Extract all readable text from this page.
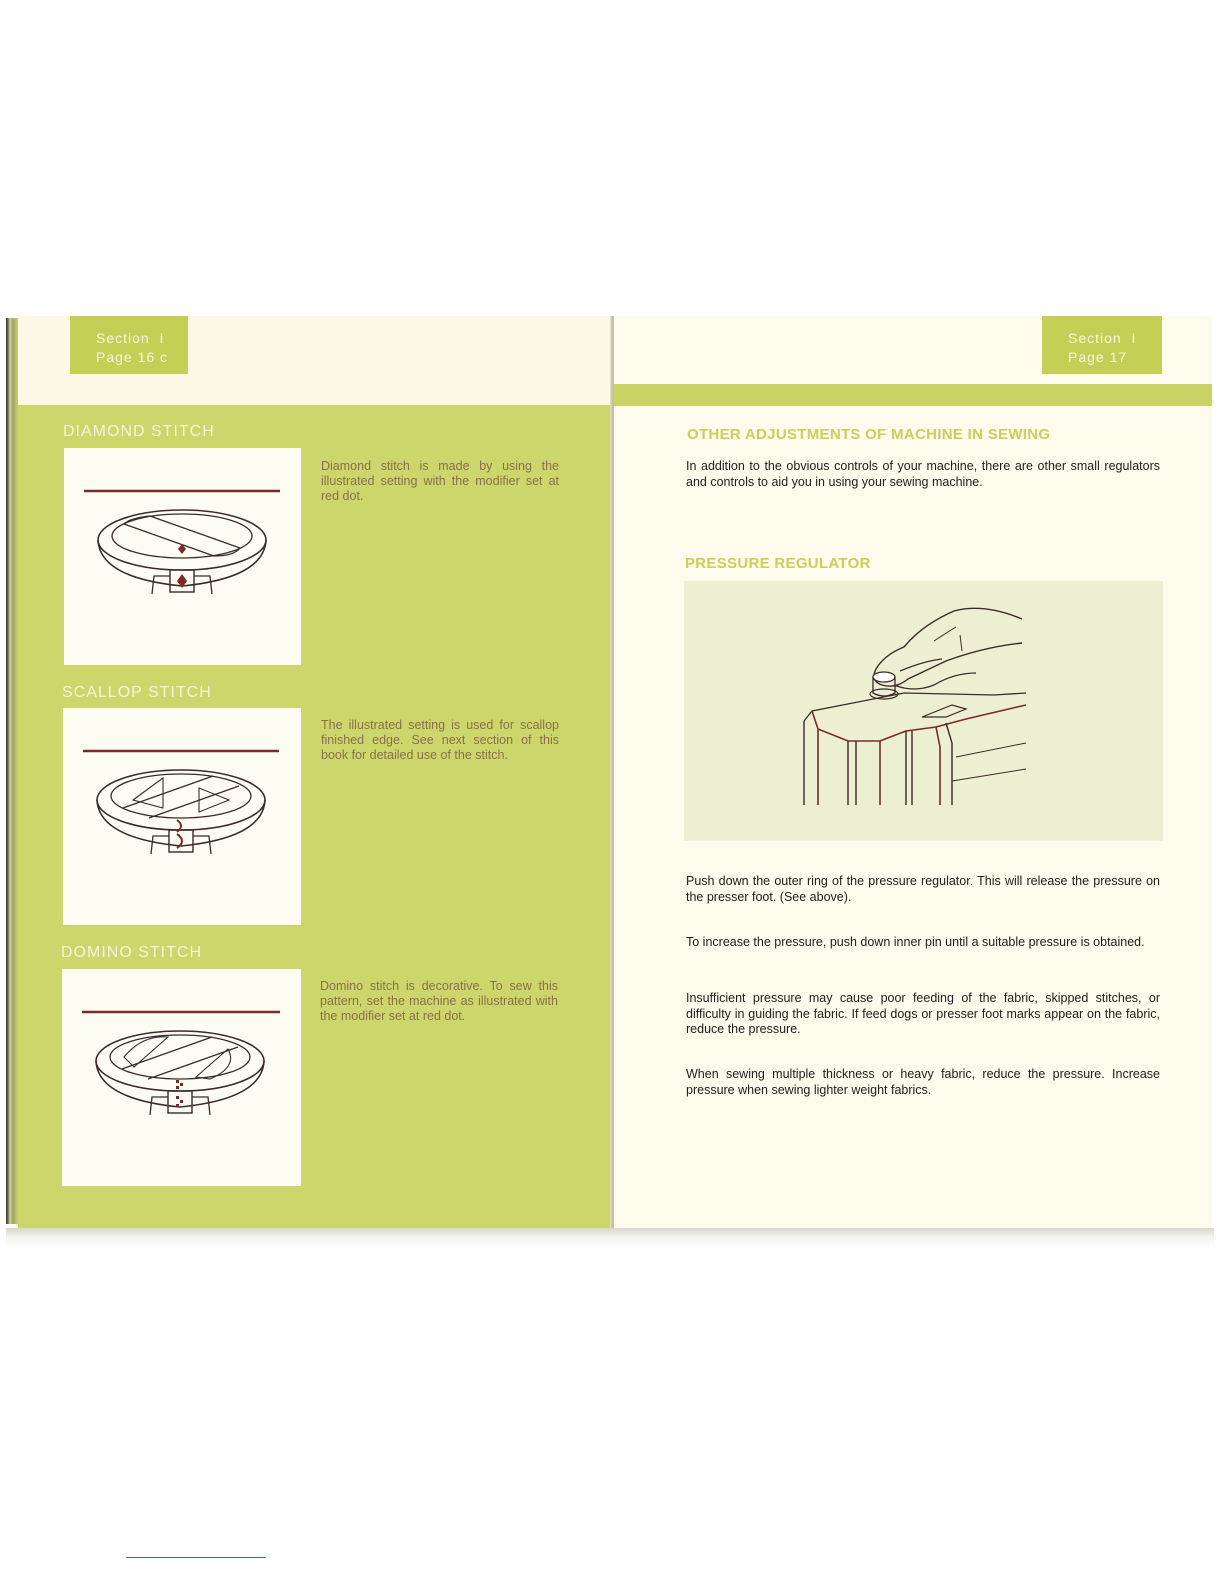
Section I
Page 16 c
DIAMOND STITCH
Diamond stitch is made by using the illustrated setting with the modifier set at red dot.
SCALLOP STITCH
The illustrated setting is used for scallop finished edge. See next section of this book for detailed use of the stitch.
DOMINO STITCH
Domino stitch is decorative. To sew this pattern, set the machine as illustrated with the modifier set at red dot.
Section I
Page 17
OTHER ADJUSTMENTS OF MACHINE IN SEWING
In addition to the obvious controls of your machine, there are other small regulators and controls to aid you in using your sewing machine.
PRESSURE REGULATOR
Push down the outer ring of the pressure regulator. This will release the pressure on the presser foot. (See above).
To increase the pressure, push down inner pin until a suitable pressure is obtained.
Insufficient pressure may cause poor feeding of the fabric, skipped stitches, or difficulty in guiding the fabric. If feed dogs or presser foot marks appear on the fabric, reduce the pressure.
When sewing multiple thickness or heavy fabric, reduce the pressure. Increase pressure when sewing lighter weight fabrics.
